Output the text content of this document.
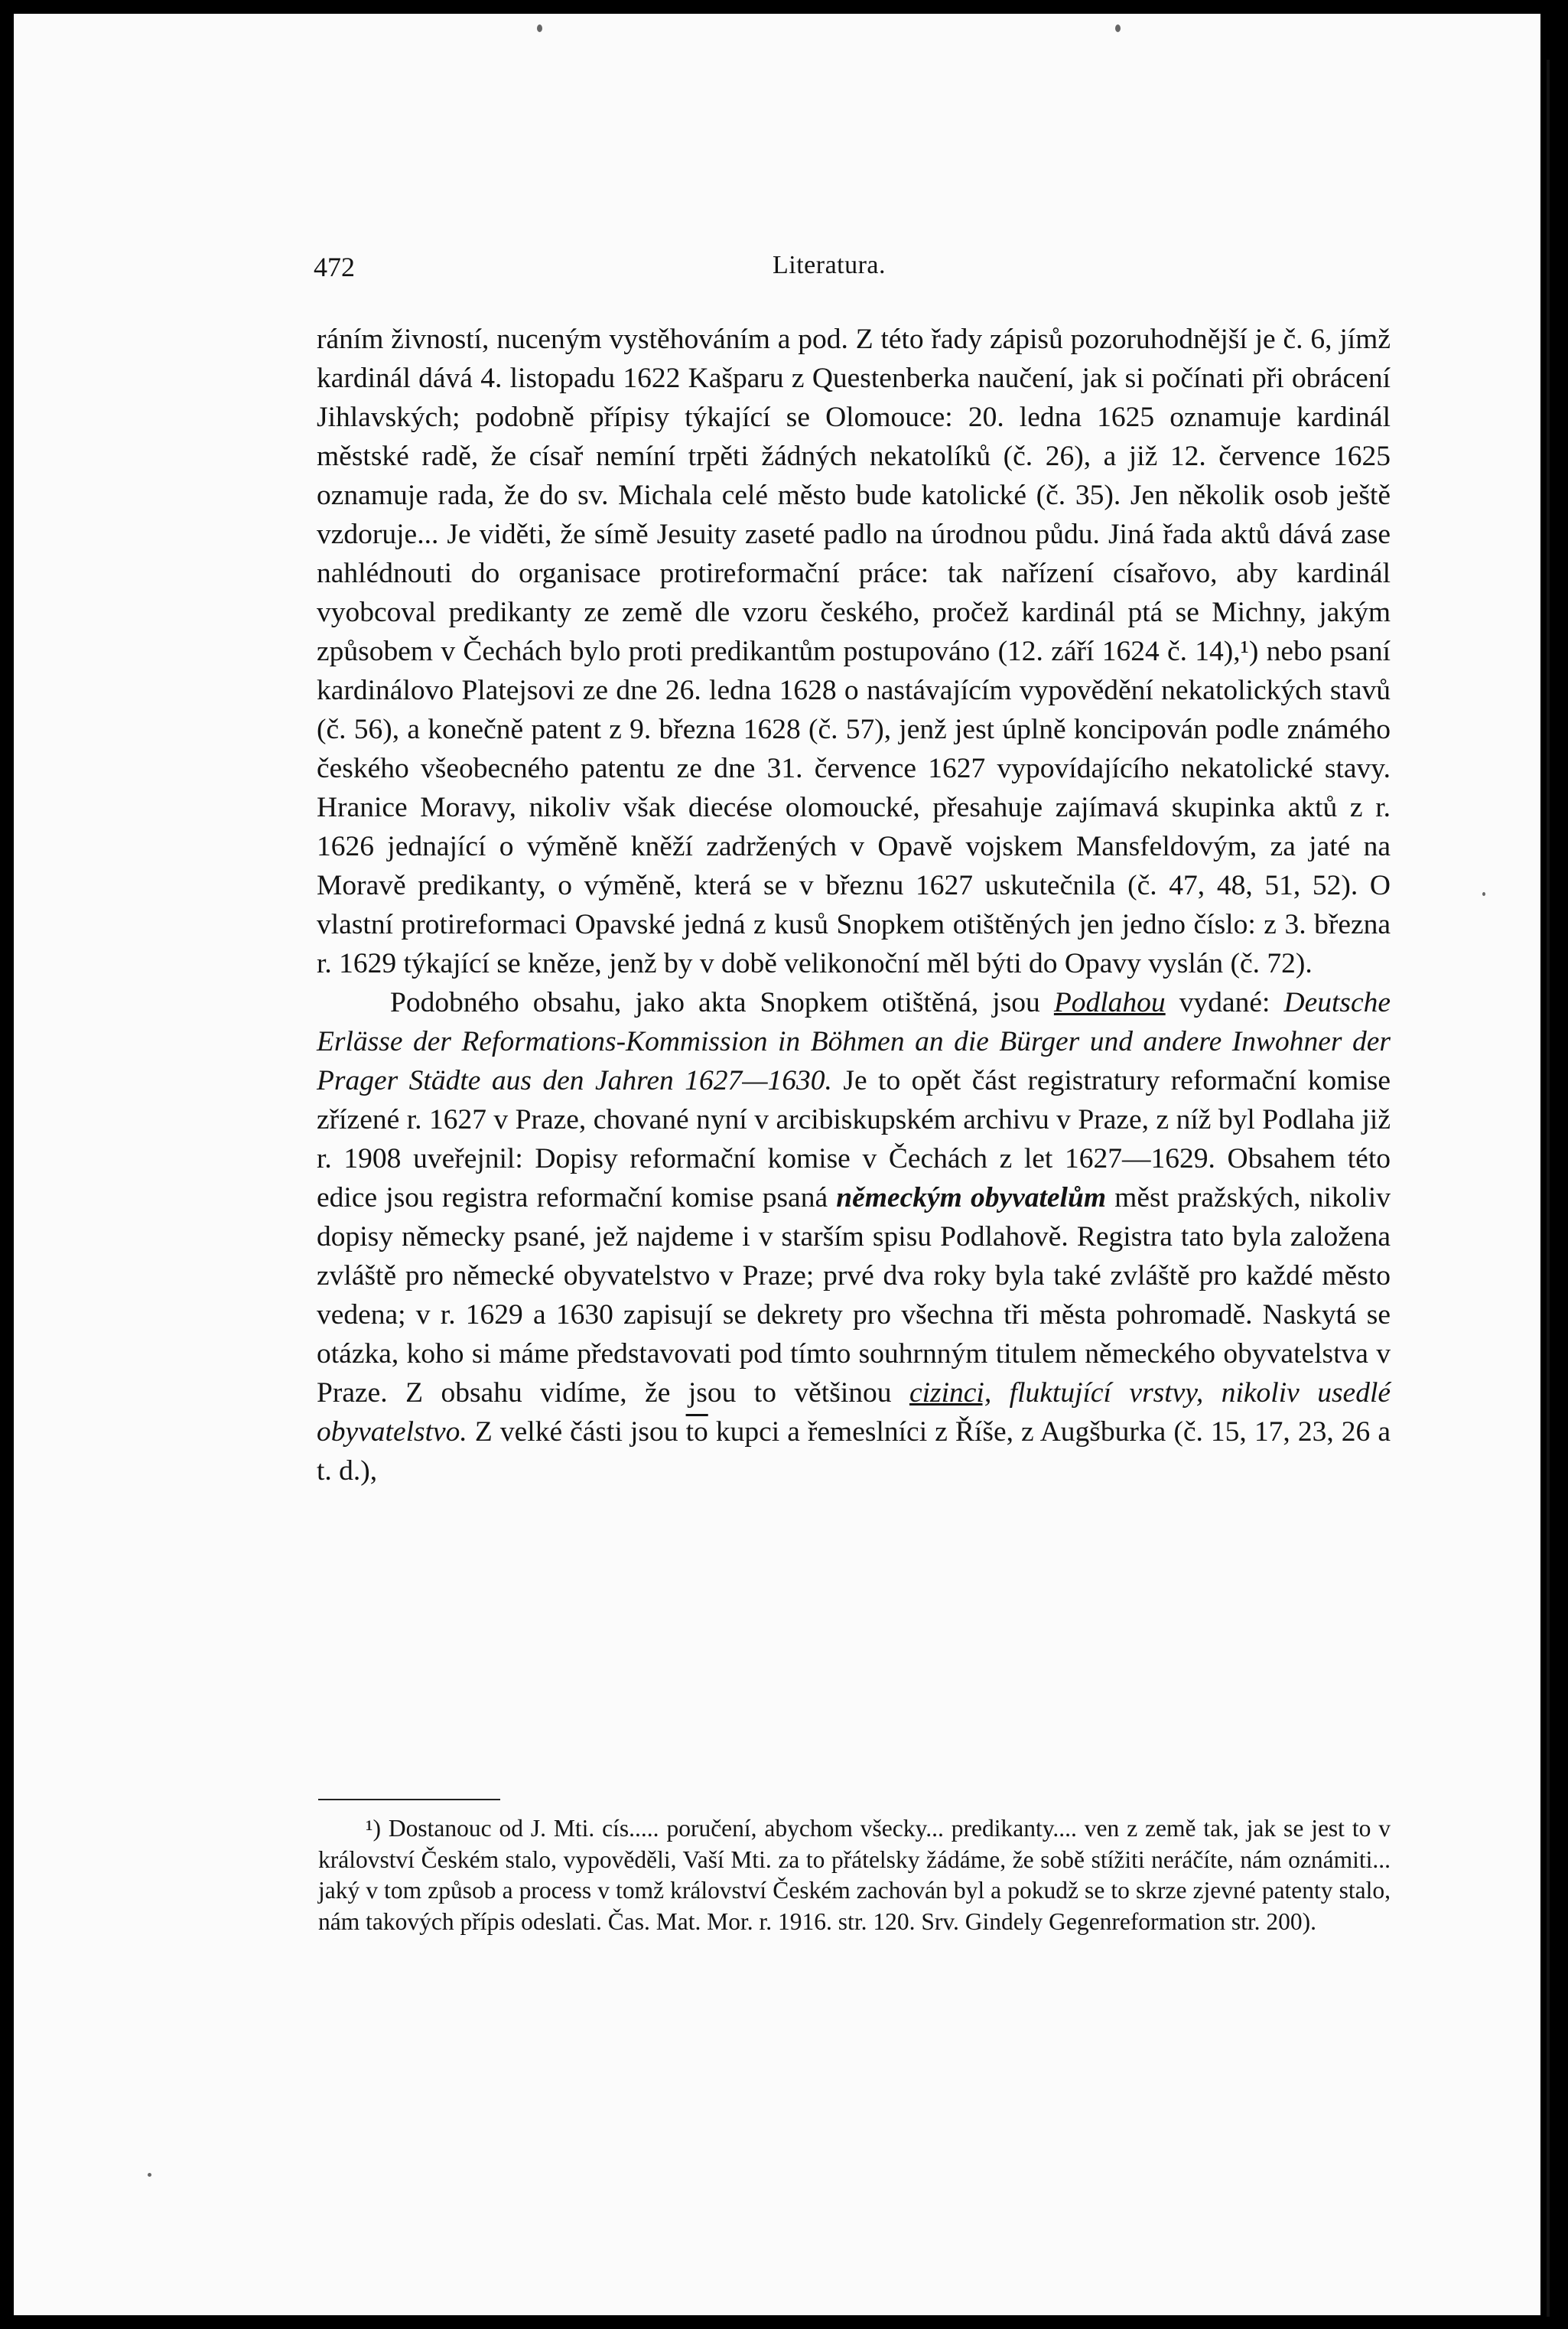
472	Literatura.

ráním živností, nuceným vystěhováním a pod. Z této řady zápisů pozoruhodnější je č. 6, jímž kardinál dává 4. listopadu 1622 Kašparu z Questenberka naučení, jak si počínati při obrácení Jihlavských; podobně přípisy týkající se Olomouce: 20. ledna 1625 oznamuje kardinál městské radě, že císař nemíní trpěti žádných nekatolíků (č. 26), a již 12. července 1625 oznamuje rada, že do sv. Michala celé město bude katolické (č. 35). Jen několik osob ještě vzdoruje... Je viděti, že símě Jesuity zaseté padlo na úrodnou půdu. Jiná řada aktů dává zase nahlédnouti do organisace protireformační práce: tak nařízení císařovo, aby kardinál vyobcoval predikanty ze země dle vzoru českého, pročež kardinál ptá se Michny, jakým způsobem v Čechách bylo proti predikantům postupováno (12. září 1624 č. 14),¹) nebo psaní kardinálovo Platejsovi ze dne 26. ledna 1628 o nastávajícím vypovědění nekatolických stavů (č. 56), a konečně patent z 9. března 1628 (č. 57), jenž jest úplně koncipován podle známého českého všeobecného patentu ze dne 31. července 1627 vypovídajícího nekatolické stavy. Hranice Moravy, nikoliv však diecése olomoucké, přesahuje zajímavá skupinka aktů z r. 1626 jednající o výměně kněží zadržených v Opavě vojskem Mansfeldovým, za jaté na Moravě predikanty, o výměně, která se v březnu 1627 uskutečnila (č. 47, 48, 51, 52). O vlastní protireformaci Opavské jedná z kusů Snopkem otištěných jen jedno číslo: z 3. března r. 1629 týkající se kněze, jenž by v době velikonoční měl býti do Opavy vyslán (č. 72).

Podobného obsahu, jako akta Snopkem otištěná, jsou Podlahou vydané: Deutsche Erlässe der Reformations-Kommission in Böhmen an die Bürger und andere Inwohner der Prager Städte aus den Jahren 1627—1630. Je to opět část registratury reformační komise zřízené r. 1627 v Praze, chované nyní v arcibiskupském archivu v Praze, z níž byl Podlaha již r. 1908 uveřejnil: Dopisy reformační komise v Čechách z let 1627—1629. Obsahem této edice jsou registra reformační komise psaná německým obyvatelům měst pražských, nikoliv dopisy německy psané, jež najdeme i v starším spisu Podlahově. Registra tato byla založena zvláště pro německé obyvatelstvo v Praze; prvé dva roky byla také zvláště pro každé město vedena; v r. 1629 a 1630 zapisují se dekrety pro všechna tři města pohromadě. Naskytá se otázka, koho si máme představovati pod tímto souhrnným titulem německého obyvatelstva v Praze. Z obsahu vidíme, že jsou to většinou cizinci, fluktující vrstvy, nikoliv usedlé obyvatelstvo. Z velké části jsou $\overline{to}$ kupci a řemeslníci z Říše, z Augšburka (č. 15, 17, 23, 26 a t. d.),

¹) Dostanouc od J. Mti. cís..... poručení, abychom všecky... predikanty.... ven z země tak, jak se jest to v království Českém stalo, vypověděli, Vaší Mti. za to přátelsky žádáme, že sobě stížiti neráčíte, nám oznámiti... jaký v tom způsob a process v tomž království Českém zachován byl a pokudž se to skrze zjevné patenty stalo, nám takových přípis odeslati. Čas. Mat. Mor. r. 1916. str. 120. Srv. Gindely Gegenreformation str. 200).
